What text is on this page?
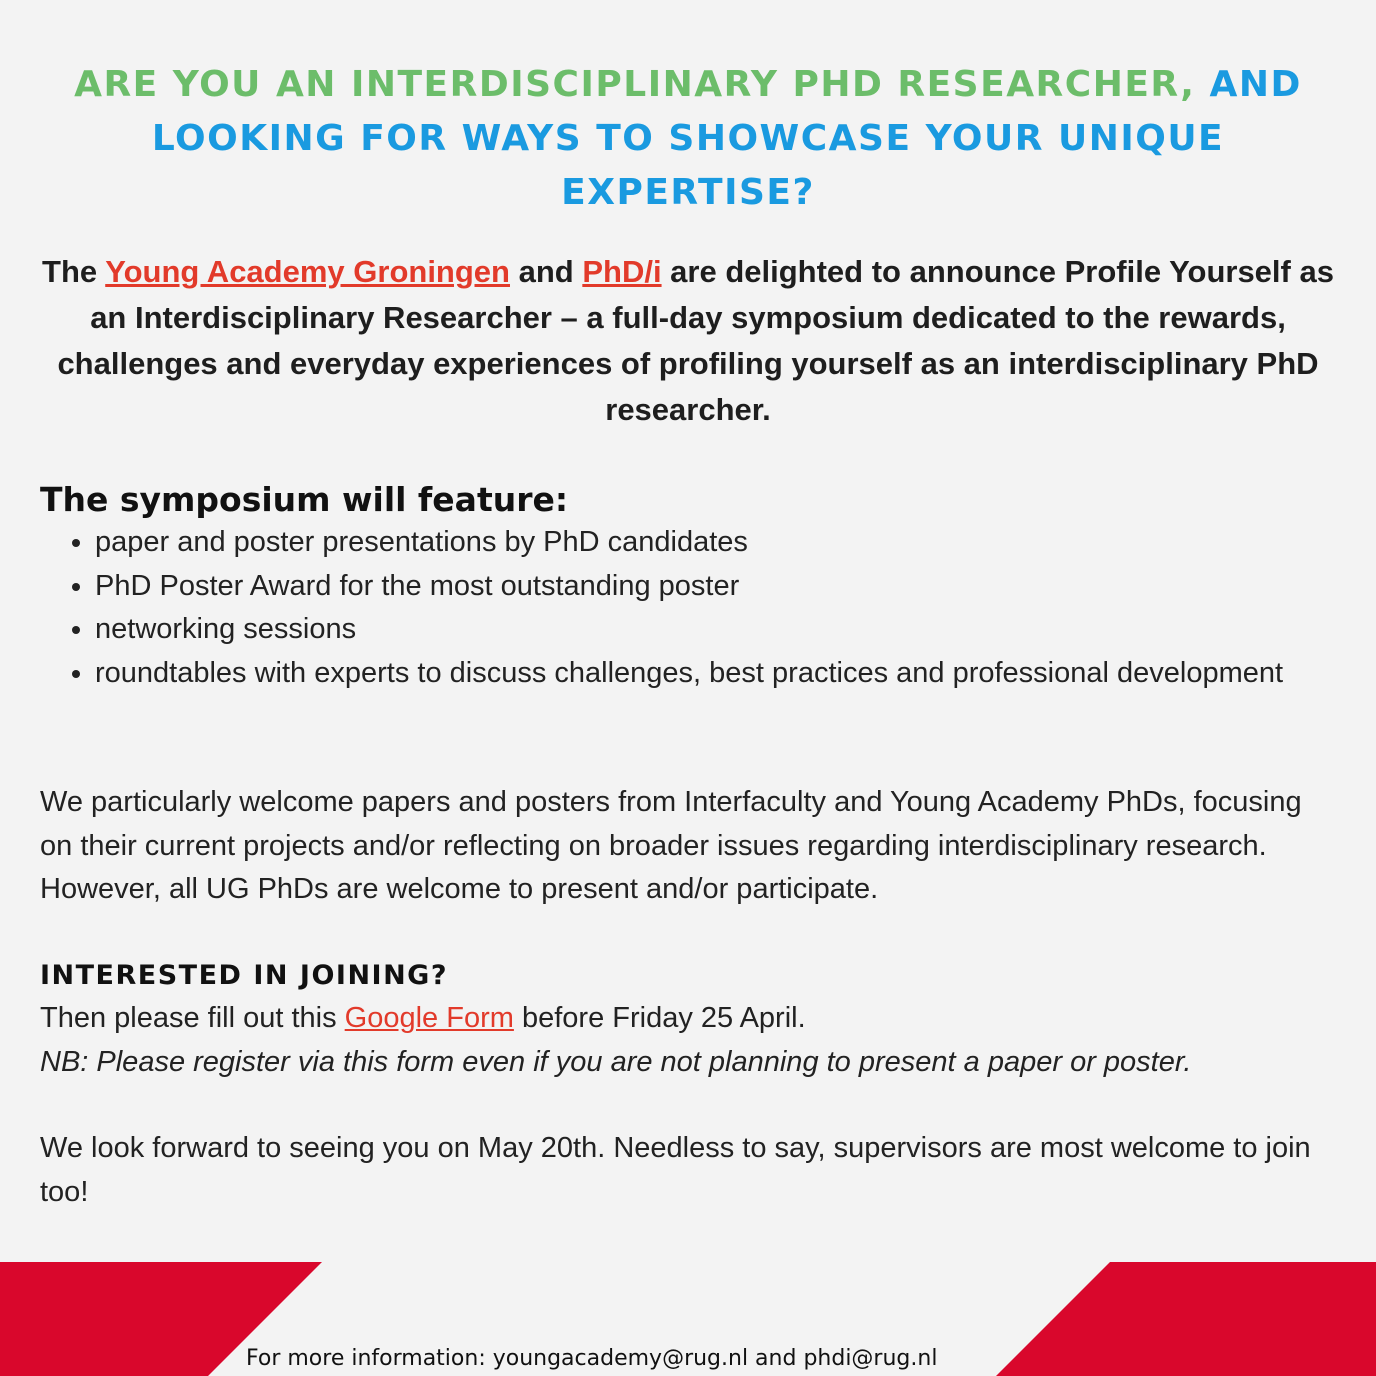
ARE YOU AN INTERDISCIPLINARY PHD RESEARCHER, AND LOOKING FOR WAYS TO SHOWCASE YOUR UNIQUE EXPERTISE?
The Young Academy Groningen and PhD/i are delighted to announce Profile Yourself as an Interdisciplinary Researcher – a full-day symposium dedicated to the rewards, challenges and everyday experiences of profiling yourself as an interdisciplinary PhD researcher.
The symposium will feature:
• paper and poster presentations by PhD candidates
• PhD Poster Award for the most outstanding poster
• networking sessions
• roundtables with experts to discuss challenges, best practices and professional development
We particularly welcome papers and posters from Interfaculty and Young Academy PhDs, focusing on their current projects and/or reflecting on broader issues regarding interdisciplinary research. However, all UG PhDs are welcome to present and/or participate.
INTERESTED IN JOINING?
Then please fill out this Google Form before Friday 25 April.
NB: Please register via this form even if you are not planning to present a paper or poster.
We look forward to seeing you on May 20th. Needless to say, supervisors are most welcome to join too!
For more information: youngacademy@rug.nl and phdi@rug.nl
